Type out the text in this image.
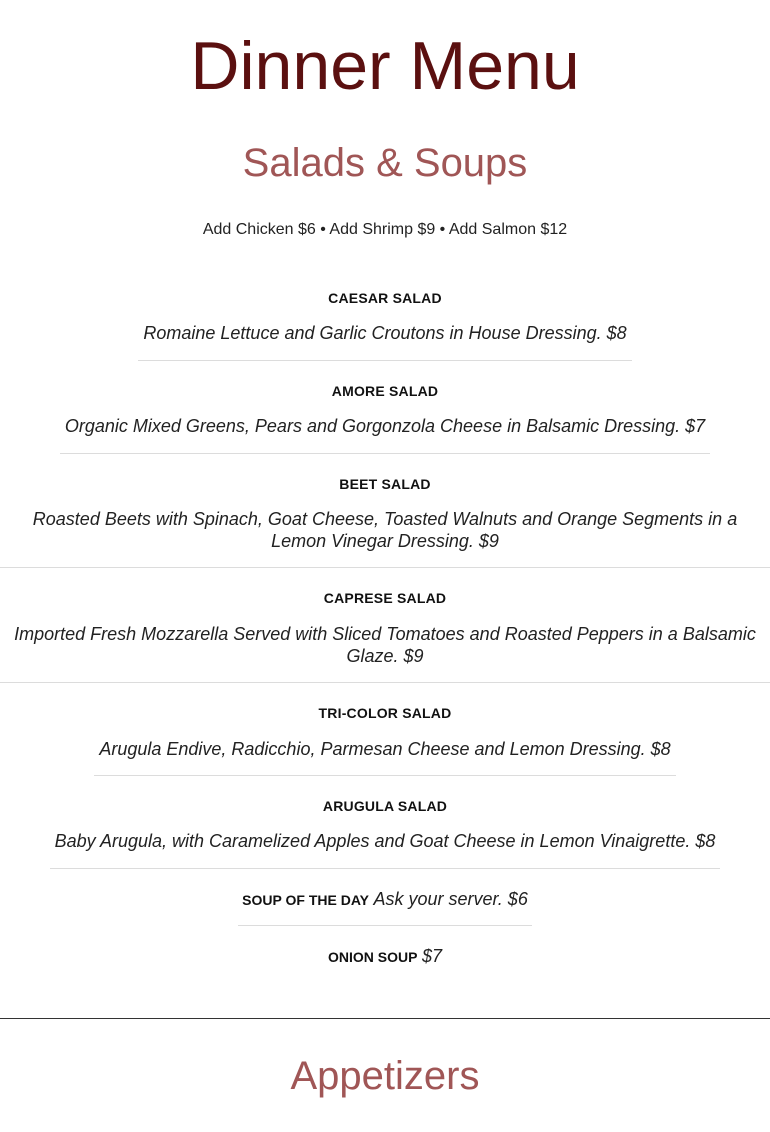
Dinner Menu
Salads & Soups
Add Chicken $6 • Add Shrimp $9 • Add Salmon $12
CAESAR SALAD
Romaine Lettuce and Garlic Croutons in House Dressing. $8
AMORE SALAD
Organic Mixed Greens, Pears and Gorgonzola Cheese in Balsamic Dressing. $7
BEET SALAD
Roasted Beets with Spinach, Goat Cheese, Toasted Walnuts and Orange Segments in a Lemon Vinegar Dressing. $9
CAPRESE SALAD
Imported Fresh Mozzarella Served with Sliced Tomatoes and Roasted Peppers in a Balsamic Glaze. $9
TRI-COLOR SALAD
Arugula Endive, Radicchio, Parmesan Cheese and Lemon Dressing. $8
ARUGULA SALAD
Baby Arugula, with Caramelized Apples and Goat Cheese in Lemon Vinaigrette. $8
SOUP OF THE DAY Ask your server. $6
ONION SOUP $7
Appetizers
